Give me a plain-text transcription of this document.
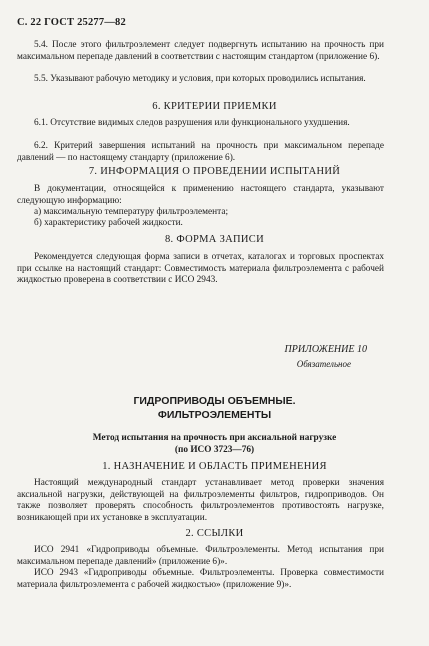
С. 22 ГОСТ 25277—82
5.4. После этого фильтроэлемент следует подвергнуть испытанию на прочность при максимальном перепаде давлений в соответствии с настоящим стандартом (приложение 6).
5.5. Указывают рабочую методику и условия, при которых проводились испытания.
6. КРИТЕРИИ ПРИЕМКИ
6.1. Отсутствие видимых следов разрушения или функционального ухудшения.
6.2. Критерий завершения испытаний на прочность при максимальном перепаде давлений — по настоящему стандарту (приложение 6).
7. ИНФОРМАЦИЯ О ПРОВЕДЕНИИ ИСПЫТАНИЙ
В документации, относящейся к применению настоящего стандарта, указывают следующую информацию:
а) максимальную температуру фильтроэлемента;
б) характеристику рабочей жидкости.
8. ФОРМА ЗАПИСИ
Рекомендуется следующая форма записи в отчетах, каталогах и торговых проспектах при ссылке на настоящий стандарт: Совместимость материала фильтроэлемента с рабочей жидкостью проверена в соответствии с ИСО 2943.
ПРИЛОЖЕНИЕ 10
Обязательное
ГИДРОПРИВОДЫ ОБЪЕМНЫЕ.
ФИЛЬТРОЭЛЕМЕНТЫ
Метод испытания на прочность при аксиальной нагрузке
(по ИСО 3723—76)
1. НАЗНАЧЕНИЕ И ОБЛАСТЬ ПРИМЕНЕНИЯ
Настоящий международный стандарт устанавливает метод проверки значения аксиальной нагрузки, действующей на фильтроэлементы фильтров, гидроприводов. Он также позволяет проверять способность фильтроэлементов противостоять нагрузке, возникающей при их установке в эксплуатации.
2. ССЫЛКИ
ИСО 2941 «Гидроприводы объемные. Фильтроэлементы. Метод испытания при максимальном перепаде давлений» (приложение 6)».
ИСО 2943 «Гидроприводы объемные. Фильтроэлементы. Проверка совместимости материала фильтроэлемента с рабочей жидкостью» (приложение 9)».
